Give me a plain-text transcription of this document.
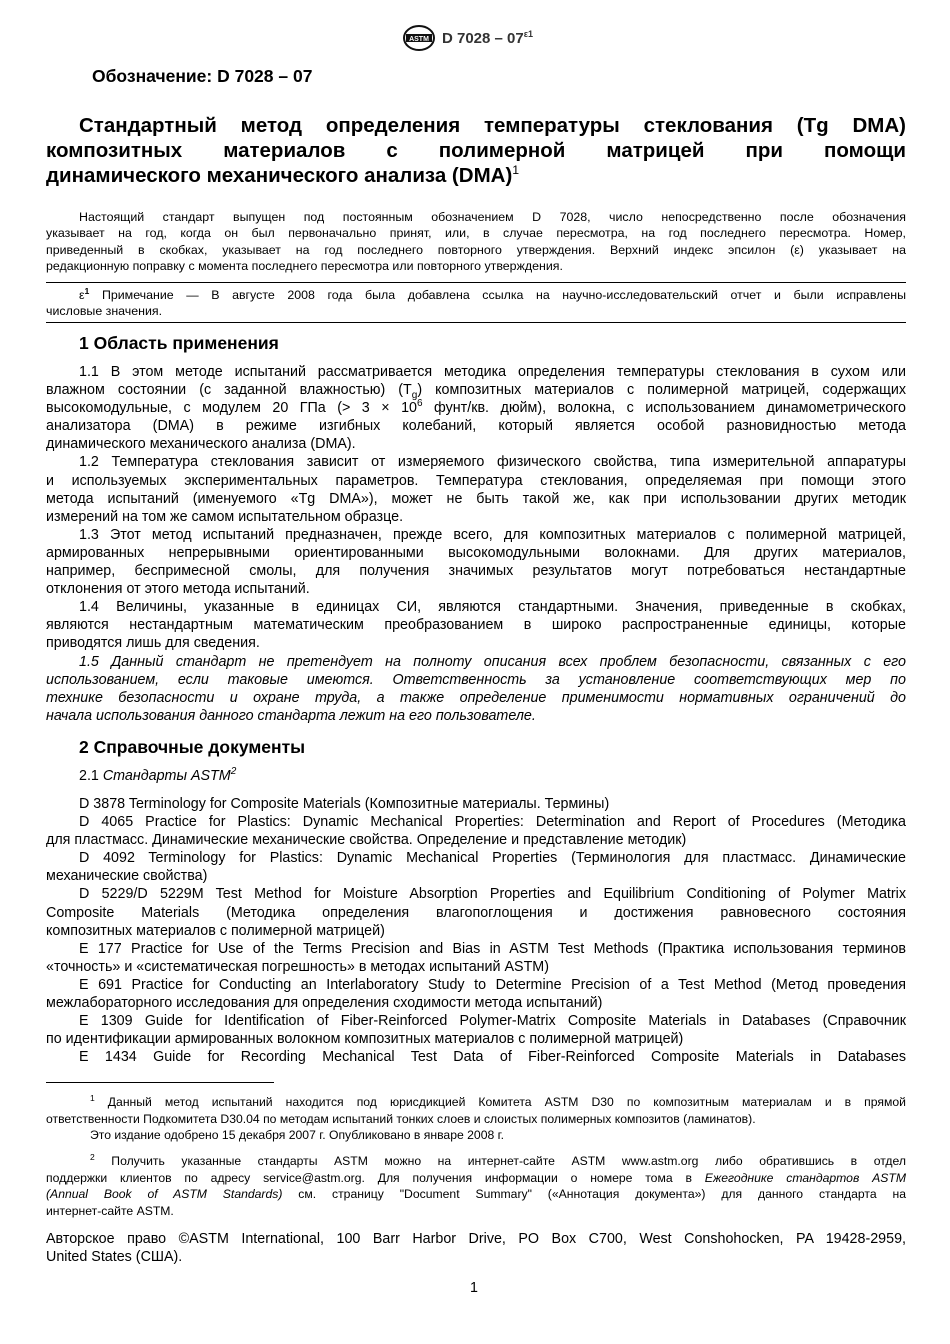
ASTM D $7028 - 07^{\varepsilon 1}$
Обозначение: D 7028 – 07
Стандартный метод определения температуры стеклования (Tg DMA)
композитных материалов с полимерной матрицей при помощи
динамического механического анализа (DMA)$^1$
Настоящий стандарт выпущен под постоянным обозначением D 7028, число непосредственно после обозначения
указывает на год, когда он был первоначально принят, или, в случае пересмотра, на год последнего пересмотра. Номер,
приведенный в скобках, указывает на год последнего повторного утверждения. Верхний индекс эпсилон (ε) указывает на
редакционную поправку с момента последнего пересмотра или повторного утверждения.
$\varepsilon^1$ Примечание — В августе 2008 года была добавлена ссылка на научно-исследовательский отчет и были исправлены
числовые значения.
1 Область применения
1.1 В этом методе испытаний рассматривается методика определения температуры стеклования в сухом или
влажном состоянии (с заданной влажностью) $(T_g)$ композитных материалов с полимерной матрицей, содержащих
высокомодульные, с модулем 20 ГПа (> $3 \times 10^6$ фунт/кв. дюйм), волокна, с использованием динамометрического
анализатора (DMA) в режиме изгибных колебаний, который является особой разновидностью метода
динамического механического анализа (DMA).
1.2 Температура стеклования зависит от измеряемого физического свойства, типа измерительной аппаратуры
и используемых экспериментальных параметров. Температура стеклования, определяемая при помощи этого
метода испытаний (именуемого «Tg DMA»), может не быть такой же, как при использовании других методик
измерений на том же самом испытательном образце.
1.3 Этот метод испытаний предназначен, прежде всего, для композитных материалов с полимерной матрицей,
армированных непрерывными ориентированными высокомодульными волокнами. Для других материалов,
например, беспримесной смолы, для получения значимых результатов могут потребоваться нестандартные
отклонения от этого метода испытаний.
1.4 Величины, указанные в единицах СИ, являются стандартными. Значения, приведенные в скобках,
являются нестандартным математическим преобразованием в широко распространенные единицы, которые
приводятся лишь для сведения.
1.5 Данный стандарт не претендует на полноту описания всех проблем безопасности, связанных с его
использованием, если таковые имеются. Ответственность за установление соответствующих мер по
технике безопасности и охране труда, а также определение применимости нормативных ограничений до
начала использования данного стандарта лежит на его пользователе.
2 Справочные документы
2.1 Стандарты ASTM$^2$
D 3878 Terminology for Composite Materials (Композитные материалы. Термины)
D 4065 Practice for Plastics: Dynamic Mechanical Properties: Determination and Report of Procedures (Методика
для пластмасс. Динамические механические свойства. Определение и представление методик)
D 4092 Terminology for Plastics: Dynamic Mechanical Properties (Терминология для пластмасс. Динамические
механические свойства)
D 5229/D 5229M Test Method for Moisture Absorption Properties and Equilibrium Conditioning of Polymer Matrix
Composite Materials (Методика определения влагопоглощения и достижения равновесного состояния
композитных материалов с полимерной матрицей)
E 177 Practice for Use of the Terms Precision and Bias in ASTM Test Methods (Практика использования терминов
«точность» и «систематическая погрешность» в методах испытаний ASTM)
E 691 Practice for Conducting an Interlaboratory Study to Determine Precision of a Test Method (Метод проведения
межлабораторного исследования для определения сходимости метода испытаний)
E 1309 Guide for Identification of Fiber-Reinforced Polymer-Matrix Composite Materials in Databases (Справочник
по идентификации армированных волокном композитных материалов с полимерной матрицей)
E 1434 Guide for Recording Mechanical Test Data of Fiber-Reinforced Composite Materials in Databases
$^1$ Данный метод испытаний находится под юрисдикцией Комитета ASTM D30 по композитным материалам и в прямой
ответственности Подкомитета D30.04 по методам испытаний тонких слоев и слоистых полимерных композитов (ламинатов).
Это издание одобрено 15 декабря 2007 г. Опубликовано в январе 2008 г.
$^2$ Получить указанные стандарты ASTM можно на интернет-сайте ASTM www.astm.org либо обратившись в отдел
поддержки клиентов по адресу service@astm.org. Для получения информации о номере тома в Ежегоднике стандартов ASTM
(Annual Book of ASTM Standards) см. страницу "Document Summary" («Аннотация документа») для данного стандарта на
интернет-сайте ASTM.
Авторское право ©ASTM International, 100 Barr Harbor Drive, PO Box C700, West Conshohocken, PA 19428-2959,
United States (США).
1
